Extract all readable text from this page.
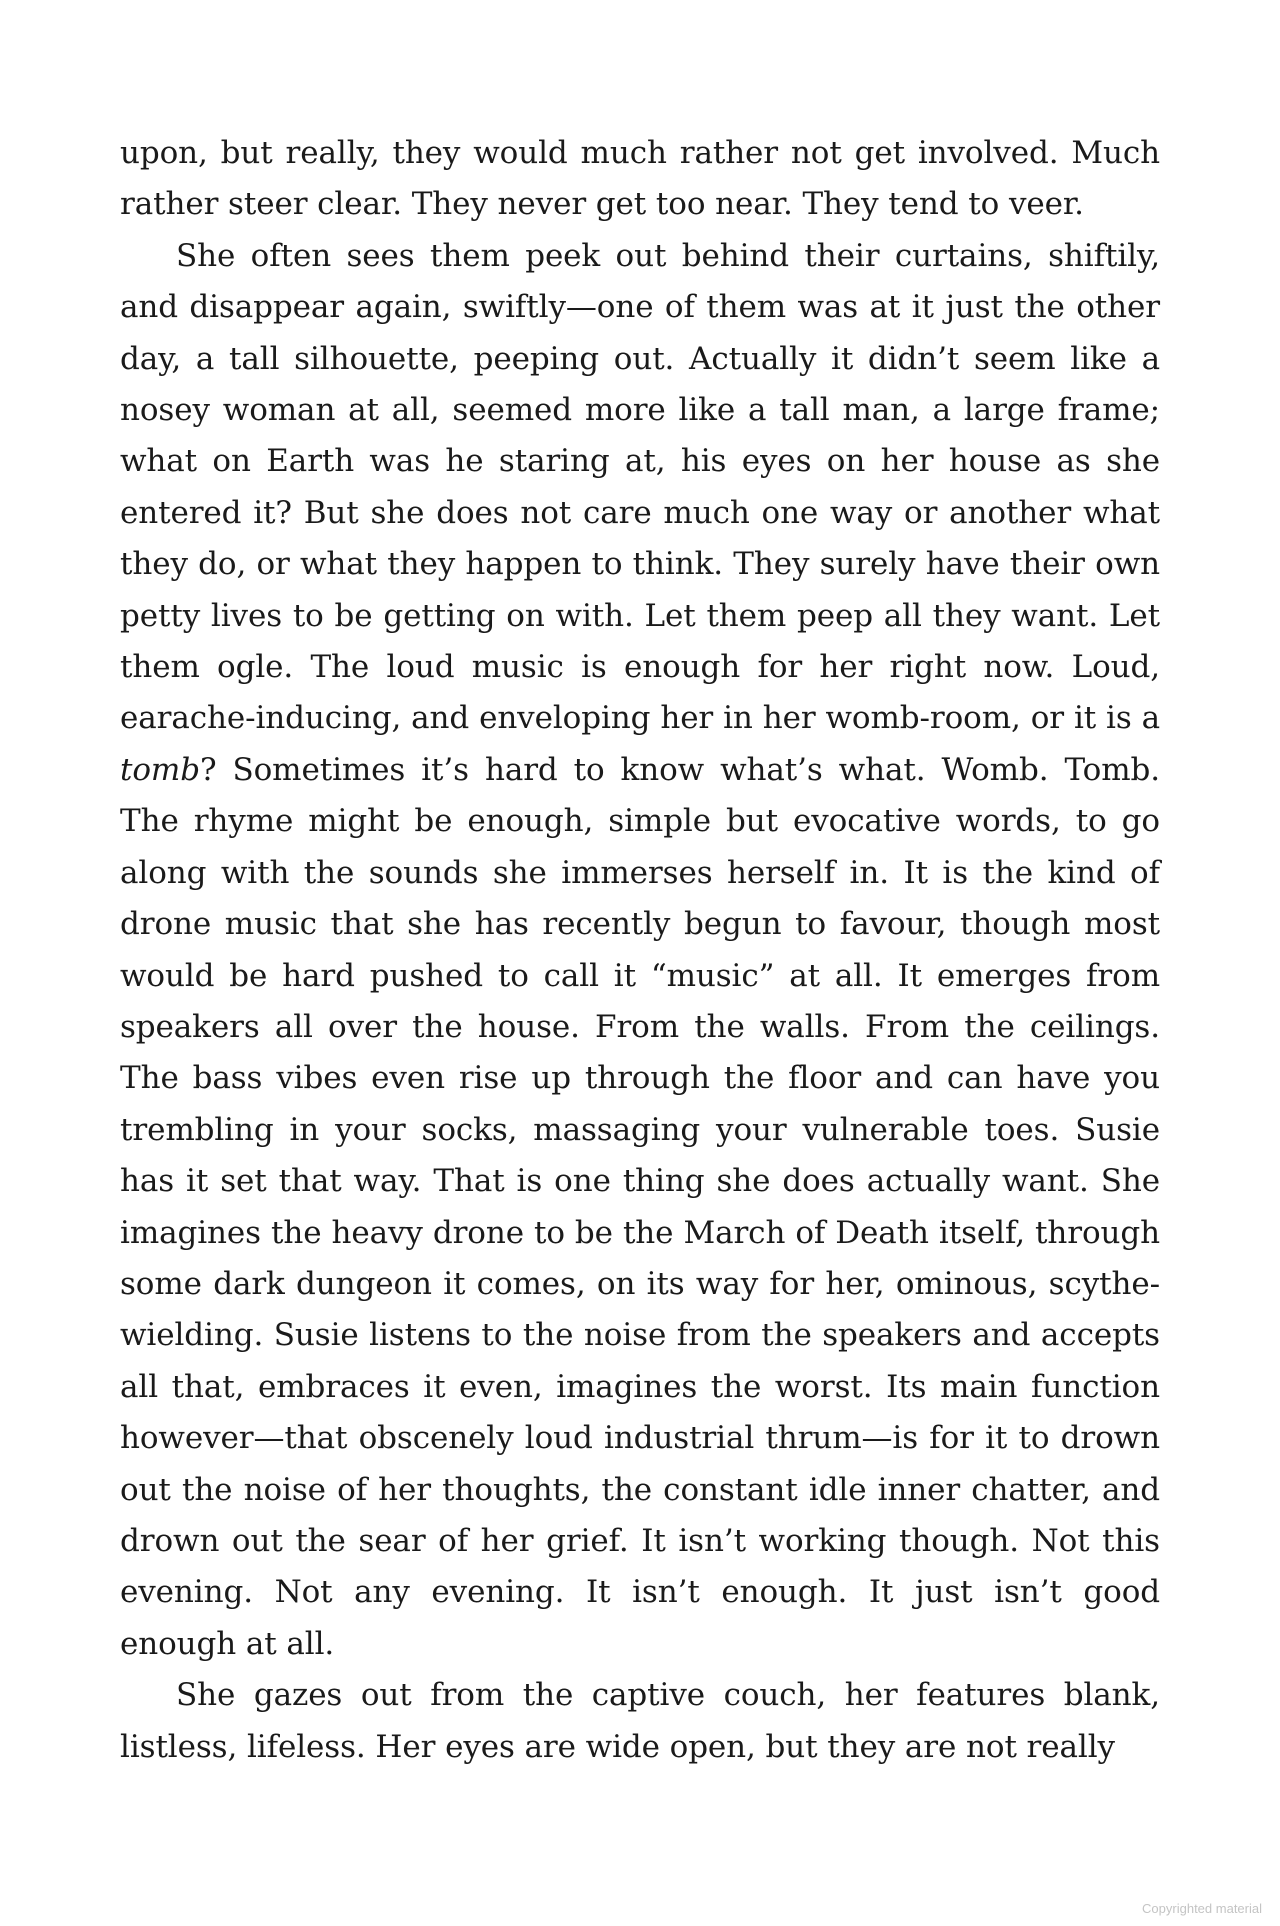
upon, but really, they would much rather not get involved. Much rather steer clear. They never get too near. They tend to veer.

She often sees them peek out behind their curtains, shiftily, and disappear again, swiftly—one of them was at it just the other day, a tall silhouette, peeping out. Actually it didn’t seem like a nosey woman at all, seemed more like a tall man, a large frame; what on Earth was he staring at, his eyes on her house as she entered it? But she does not care much one way or another what they do, or what they happen to think. They surely have their own petty lives to be getting on with. Let them peep all they want. Let them ogle. The loud music is enough for her right now. Loud, earache-inducing, and enveloping her in her womb-room, or it is a tomb? Sometimes it’s hard to know what’s what. Womb. Tomb. The rhyme might be enough, simple but evocative words, to go along with the sounds she immerses herself in. It is the kind of drone music that she has recently begun to favour, though most would be hard pushed to call it “music” at all. It emerges from speakers all over the house. From the walls. From the ceilings. The bass vibes even rise up through the floor and can have you trembling in your socks, massaging your vulnerable toes. Susie has it set that way. That is one thing she does actually want. She imagines the heavy drone to be the March of Death itself, through some dark dungeon it comes, on its way for her, ominous, scythe-wielding. Susie listens to the noise from the speakers and accepts all that, embraces it even, imagines the worst. Its main function however—that obscenely loud industrial thrum—is for it to drown out the noise of her thoughts, the constant idle inner chatter, and drown out the sear of her grief. It isn’t working though. Not this evening. Not any evening. It isn’t enough. It just isn’t good enough at all.

She gazes out from the captive couch, her features blank, listless, lifeless. Her eyes are wide open, but they are not really

Copyrighted material
